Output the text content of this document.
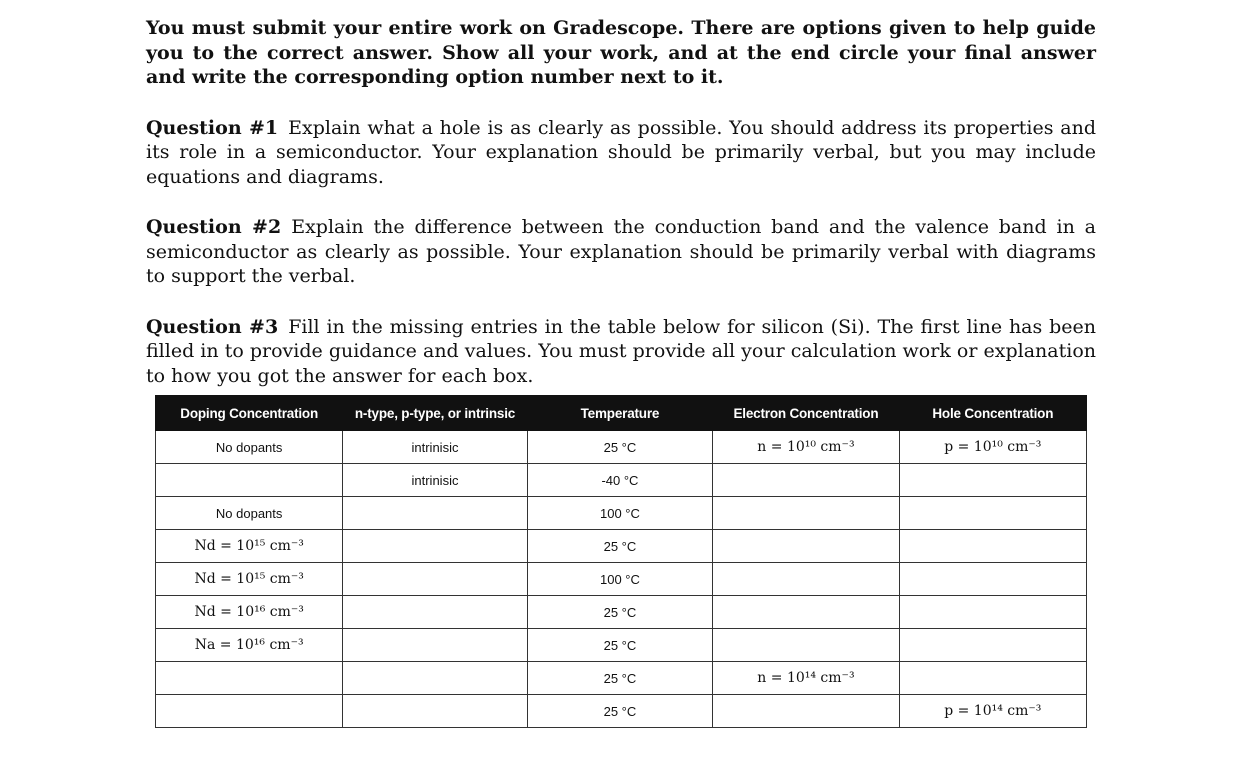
You must submit your entire work on Gradescope. There are options given to help guide you to the correct answer. Show all your work, and at the end circle your final answer and write the corresponding option number next to it.

Question #1 Explain what a hole is as clearly as possible. You should address its properties and its role in a semiconductor. Your explanation should be primarily verbal, but you may include equations and diagrams.

Question #2 Explain the difference between the conduction band and the valence band in a semiconductor as clearly as possible. Your explanation should be primarily verbal with diagrams to support the verbal.

Question #3 Fill in the missing entries in the table below for silicon (Si). The first line has been filled in to provide guidance and values. You must provide all your calculation work or explanation to how you got the answer for each box.

Doping Concentration	n-type, p-type, or intrinsic	Temperature	Electron Concentration	Hole Concentration
No dopants	intrinisic	25 °C	n = 10¹⁰ cm⁻³	p = 10¹⁰ cm⁻³
	intrinisic	-40 °C		
No dopants		100 °C		
Nd = 10¹⁵ cm⁻³		25 °C		
Nd = 10¹⁵ cm⁻³		100 °C		
Nd = 10¹⁶ cm⁻³		25 °C		
Na = 10¹⁶ cm⁻³		25 °C		
		25 °C	n = 10¹⁴ cm⁻³	
		25 °C		p = 10¹⁴ cm⁻³
